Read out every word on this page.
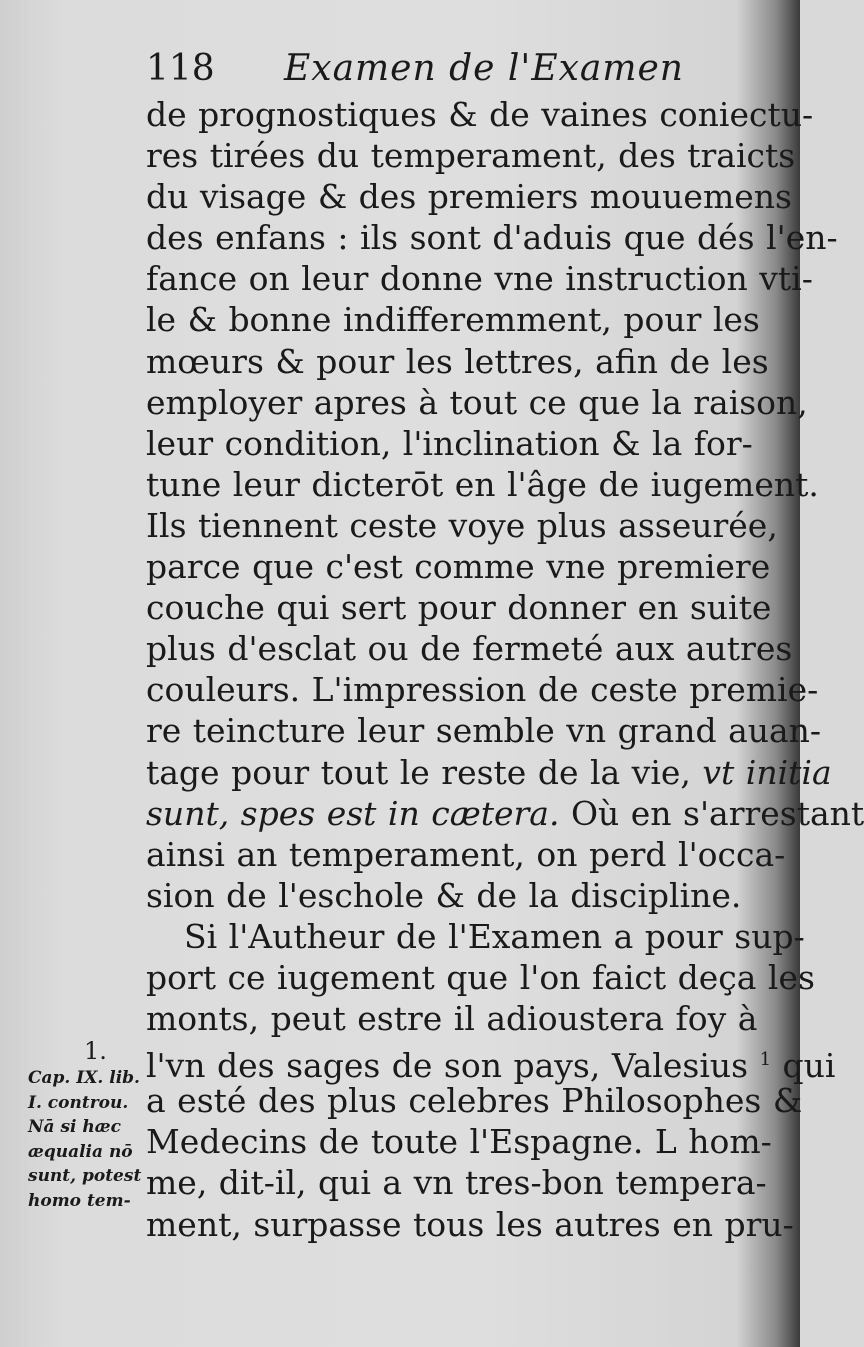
118 Examen de l'Examen
de prognostiques & de vaines coniectu-
res tirées du temperament, des traicts
du visage & des premiers mouuemens
des enfans : ils sont d'aduis que dés l'en-
fance on leur donne vne instruction vti-
le & bonne indifferemment, pour les
mœurs & pour les lettres, afin de les
employer apres à tout ce que la raison,
leur condition, l'inclination & la for-
tune leur dicterōt en l'âge de iugement.
Ils tiennent ceste voye plus asseurée,
parce que c'est comme vne premiere
couche qui sert pour donner en suite
plus d'esclat ou de fermeté aux autres
couleurs. L'impression de ceste premie-
re teincture leur semble vn grand auan-
tage pour tout le reste de la vie, vt initia
sunt, spes est in cætera. Où en s'arrestant
ainsi an temperament, on perd l'occa-
sion de l'eschole & de la discipline.
Si l'Autheur de l'Examen a pour sup-
port ce iugement que l'on faict deça les
monts, peut estre il adioustera foy à
l'vn des sages de son pays, Valesius $^1$ qui
a esté des plus celebres Philosophes &
Medecins de toute l'Espagne. L hom-
me, dit-il, qui a vn tres-bon tempera-
ment, surpasse tous les autres en pru-
1.
Cap. IX. lib.
I. controu.
Nā si hæc
æqualia nō
sunt, potest
homo tem-
